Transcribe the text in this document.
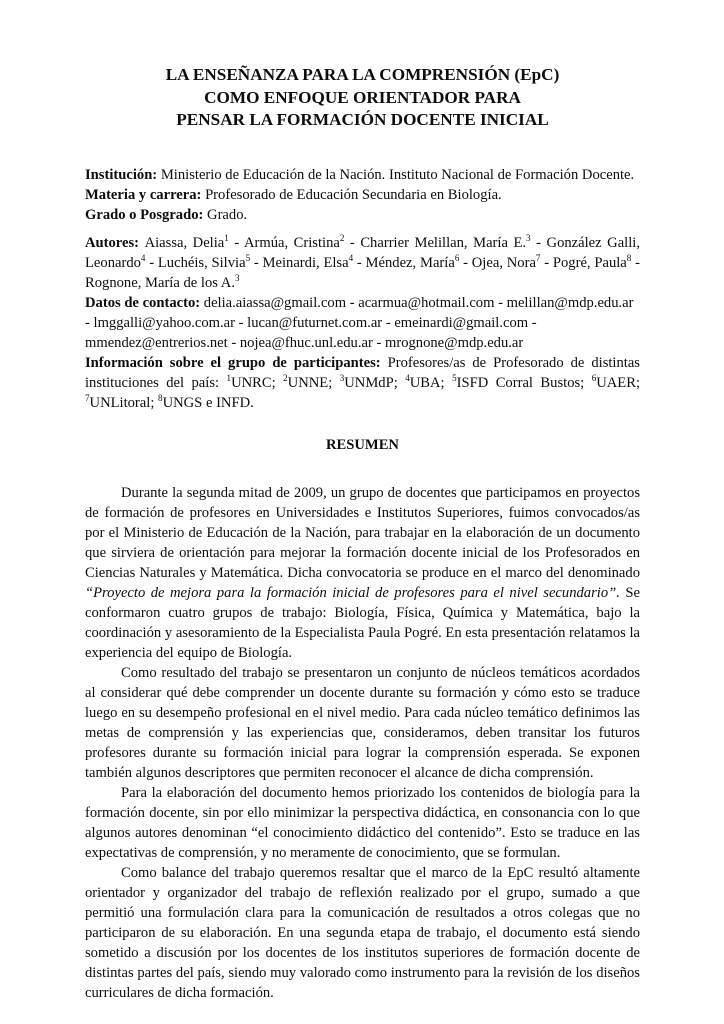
LA ENSEÑANZA PARA LA COMPRENSIÓN (EpC)
COMO ENFOQUE ORIENTADOR PARA
PENSAR LA FORMACIÓN DOCENTE INICIAL

Institución: Ministerio de Educación de la Nación. Instituto Nacional de Formación Docente.

Materia y carrera: Profesorado de Educación Secundaria en Biología.

Grado o Posgrado: Grado.

Autores: Aiassa, Delia$^1$ - Armúa, Cristina$^2$ - Charrier Melillan, María E.$^3$ - González Galli, Leonardo$^4$ - Luchéis, Silvia$^5$ - Meinardi, Elsa$^4$ - Méndez, María$^6$ - Ojea, Nora$^7$ - Pogré, Paula$^8$ - Rognone, María de los A.$^3$

Datos de contacto: delia.aiassa@gmail.com - acarmua@hotmail.com - melillan@mdp.edu.ar - lmggalli@yahoo.com.ar - lucan@futurnet.com.ar - emeinardi@gmail.com - mmendez@entrerios.net - nojea@fhuc.unl.edu.ar - mrognone@mdp.edu.ar

Información sobre el grupo de participantes: Profesores/as de Profesorado de distintas instituciones del país: $^1$UNRC; $^2$UNNE; $^3$UNMdP; $^4$UBA; $^5$ISFD Corral Bustos; $^6$UAER; $^7$UNLitoral; $^8$UNGS e INFD.

RESUMEN

Durante la segunda mitad de 2009, un grupo de docentes que participamos en proyectos de formación de profesores en Universidades e Institutos Superiores, fuimos convocados/as por el Ministerio de Educación de la Nación, para trabajar en la elaboración de un documento que sirviera de orientación para mejorar la formación docente inicial de los Profesorados en Ciencias Naturales y Matemática. Dicha convocatoria se produce en el marco del denominado “Proyecto de mejora para la formación inicial de profesores para el nivel secundario”. Se conformaron cuatro grupos de trabajo: Biología, Física, Química y Matemática, bajo la coordinación y asesoramiento de la Especialista Paula Pogré. En esta presentación relatamos la experiencia del equipo de Biología.

Como resultado del trabajo se presentaron un conjunto de núcleos temáticos acordados al considerar qué debe comprender un docente durante su formación y cómo esto se traduce luego en su desempeño profesional en el nivel medio. Para cada núcleo temático definimos las metas de comprensión y las experiencias que, consideramos, deben transitar los futuros profesores durante su formación inicial para lograr la comprensión esperada. Se exponen también algunos descriptores que permiten reconocer el alcance de dicha comprensión.

Para la elaboración del documento hemos priorizado los contenidos de biología para la formación docente, sin por ello minimizar la perspectiva didáctica, en consonancia con lo que algunos autores denominan “el conocimiento didáctico del contenido”. Esto se traduce en las expectativas de comprensión, y no meramente de conocimiento, que se formulan.

Como balance del trabajo queremos resaltar que el marco de la EpC resultó altamente orientador y organizador del trabajo de reflexión realizado por el grupo, sumado a que permitió una formulación clara para la comunicación de resultados a otros colegas que no participaron de su elaboración. En una segunda etapa de trabajo, el documento está siendo sometido a discusión por los docentes de los institutos superiores de formación docente de distintas partes del país, siendo muy valorado como instrumento para la revisión de los diseños curriculares de dicha formación.
